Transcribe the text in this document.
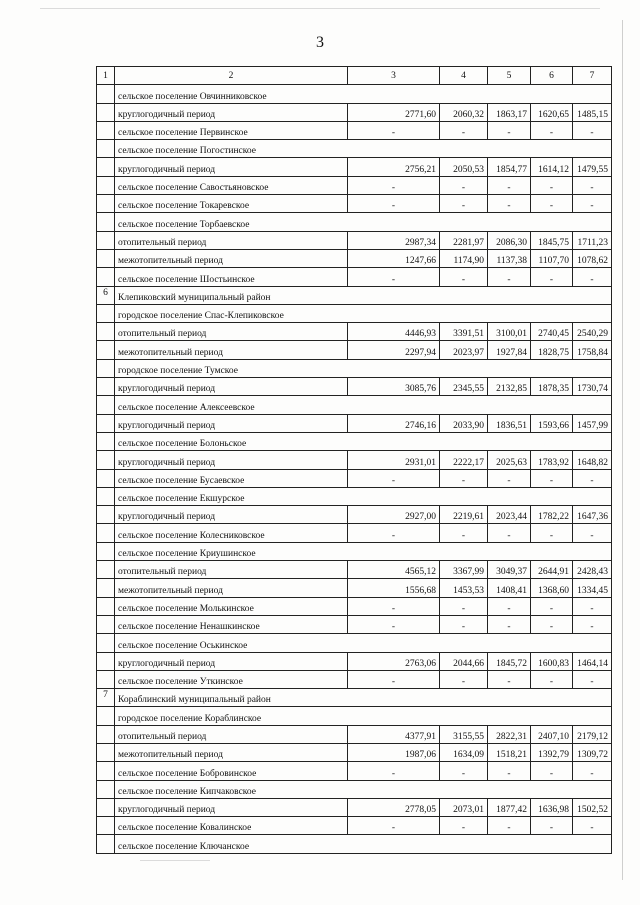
3
1	2	3	4	5	6	7
	сельское поселение Овчинниковское					
	круглогодичный период	2771,60	2060,32	1863,17	1620,65	1485,15
	сельское поселение Первинское	-	-	-	-	-
	сельское поселение Погостинское					
	круглогодичный период	2756,21	2050,53	1854,77	1614,12	1479,55
	сельское поселение Савостьяновское	-	-	-	-	-
	сельское поселение Токаревское	-	-	-	-	-
	сельское поселение Торбаевское					
	отопительный период	2987,34	2281,97	2086,30	1845,75	1711,23
	межотопительный период	1247,66	1174,90	1137,38	1107,70	1078,62
	сельское поселение Шостьинское	-	-	-	-	-
6	Клепиковский муниципальный район					
	городское поселение Спас-Клепиковское					
	отопительный период	4446,93	3391,51	3100,01	2740,45	2540,29
	межотопительный период	2297,94	2023,97	1927,84	1828,75	1758,84
	городское поселение Тумское					
	круглогодичный период	3085,76	2345,55	2132,85	1878,35	1730,74
	сельское поселение Алексеевское					
	круглогодичный период	2746,16	2033,90	1836,51	1593,66	1457,99
	сельское поселение Болоньское					
	круглогодичный период	2931,01	2222,17	2025,63	1783,92	1648,82
	сельское поселение Бусаевское	-	-	-	-	-
	сельское поселение Екшурское					
	круглогодичный период	2927,00	2219,61	2023,44	1782,22	1647,36
	сельское поселение Колесниковское	-	-	-	-	-
	сельское поселение Криушинское					
	отопительный период	4565,12	3367,99	3049,37	2644,91	2428,43
	межотопительный период	1556,68	1453,53	1408,41	1368,60	1334,45
	сельское поселение Молькинское	-	-	-	-	-
	сельское поселение Ненашкинское	-	-	-	-	-
	сельское поселение Оськинское					
	круглогодичный период	2763,06	2044,66	1845,72	1600,83	1464,14
	сельское поселение Уткинское	-	-	-	-	-
7	Кораблинский муниципальный район					
	городское поселение Кораблинское					
	отопительный период	4377,91	3155,55	2822,31	2407,10	2179,12
	межотопительный период	1987,06	1634,09	1518,21	1392,79	1309,72
	сельское поселение Бобровинское	-	-	-	-	-
	сельское поселение Кипчаковское					
	круглогодичный период	2778,05	2073,01	1877,42	1636,98	1502,52
	сельское поселение Ковалинское	-	-	-	-	-
	сельское поселение Ключанское					
